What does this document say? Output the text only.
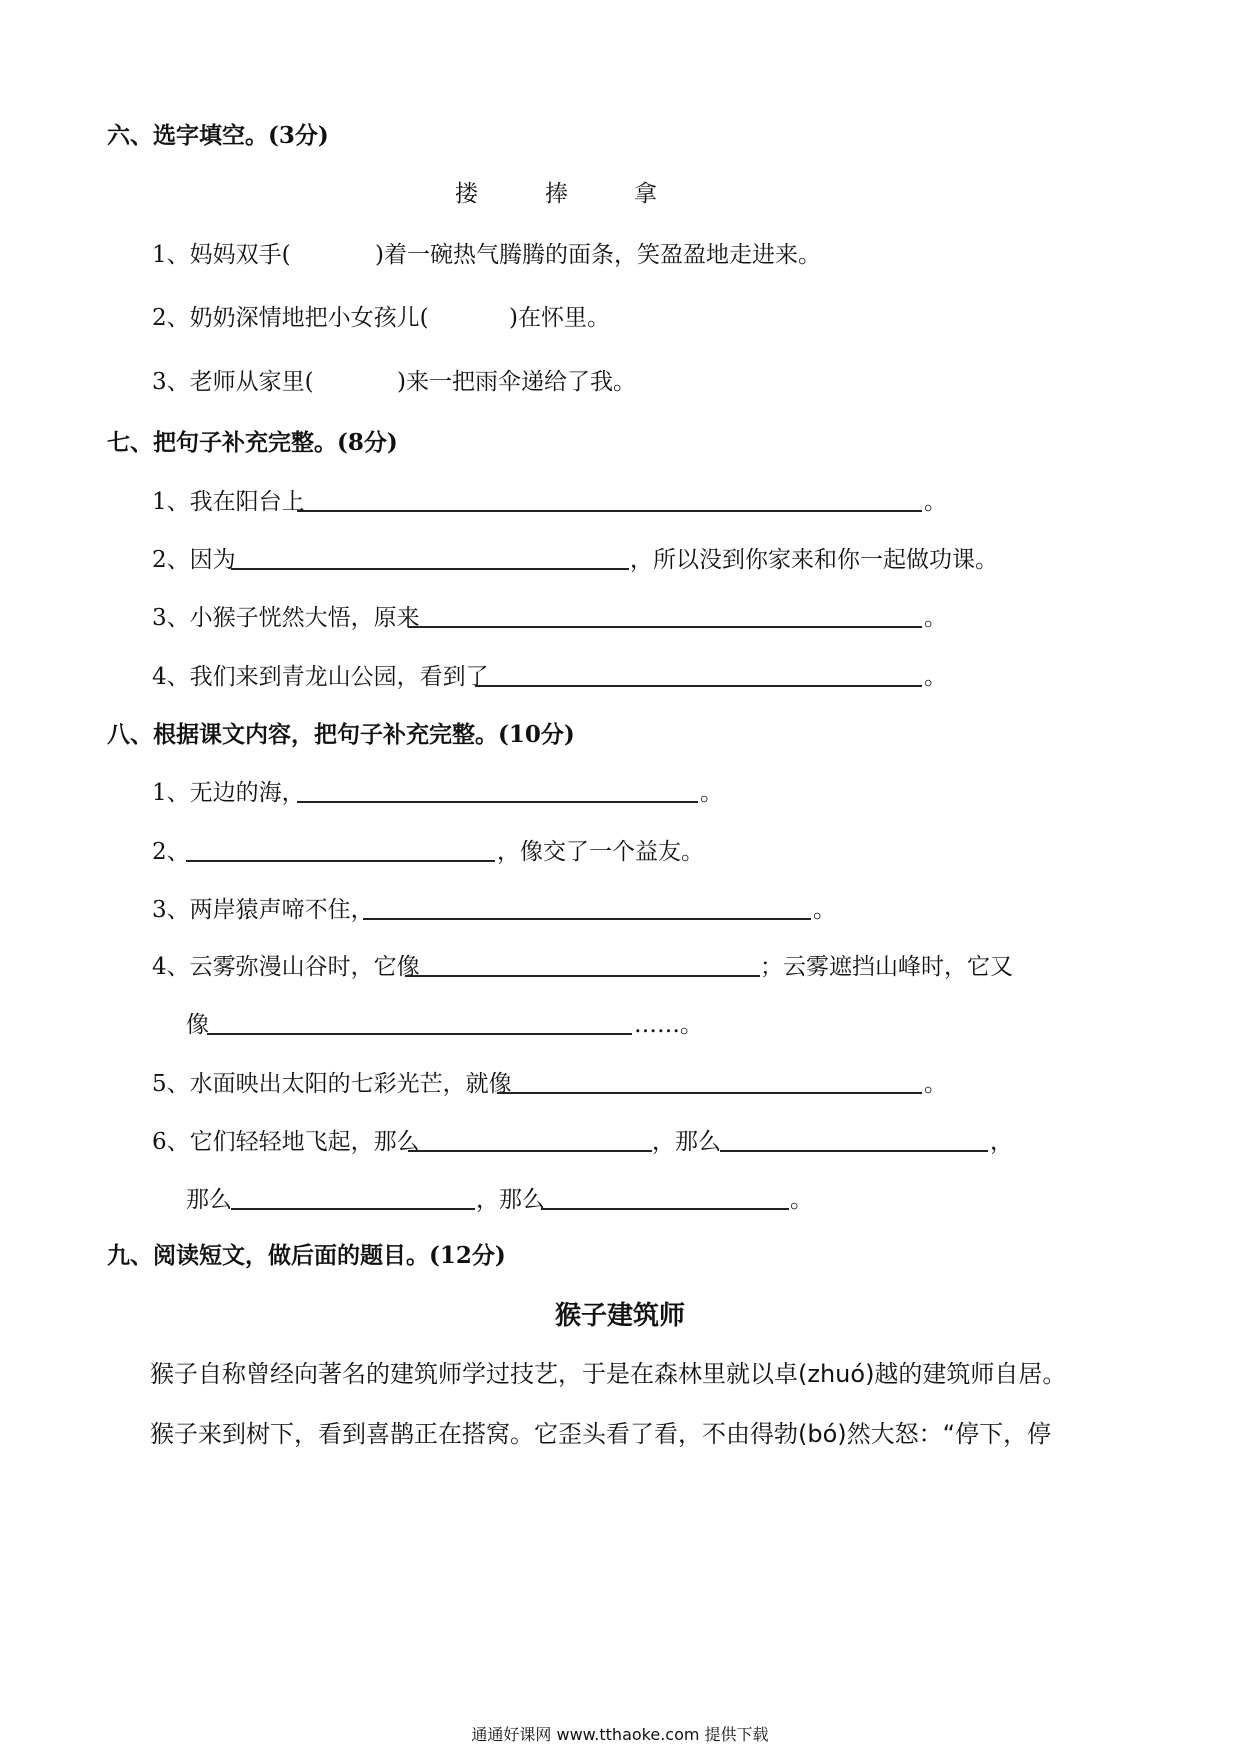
六、选字填空。(3分)
搂	捧	拿
1、妈妈双手(	)着一碗热气腾腾的面条，笑盈盈地走进来。
2、奶奶深情地把小女孩儿(	)在怀里。
3、老师从家里(	)来一把雨伞递给了我。
七、把句子补充完整。(8分)
1、我在阳台上	。
2、因为	，所以没到你家来和你一起做功课。
3、小猴子恍然大悟，原来	。
4、我们来到青龙山公园，看到了	。
八、根据课文内容，把句子补充完整。(10分)
1、无边的海，	。
2、	，像交了一个益友。
3、两岸猿声啼不住，	。
4、云雾弥漫山谷时，它像	；云雾遮挡山峰时，它又
像	……。
5、水面映出太阳的七彩光芒，就像	。
6、它们轻轻地飞起，那么	，那么	，
那么	，那么	。
九、阅读短文，做后面的题目。(12分)
猴子建筑师
猴子自称曾经向著名的建筑师学过技艺，于是在森林里就以卓(zhuó)越的建筑师自居。
猴子来到树下，看到喜鹊正在搭窝。它歪头看了看，不由得勃(bó)然大怒：“停下，停
通通好课网 www.tthaoke.com 提供下载
